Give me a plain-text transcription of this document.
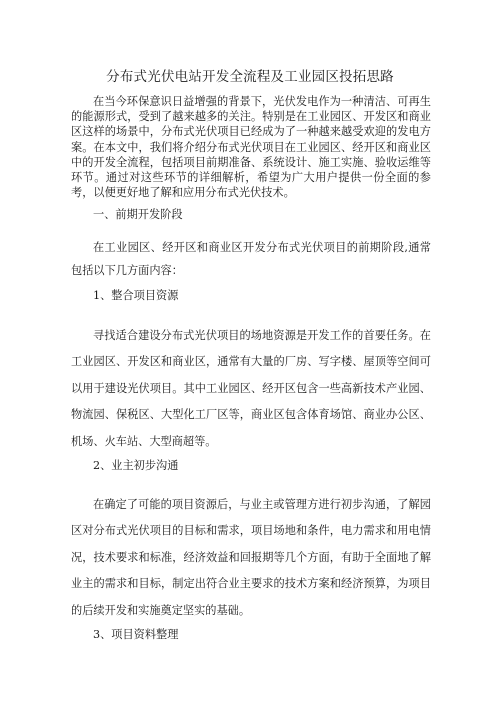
分布式光伏电站开发全流程及工业园区投拓思路

在当今环保意识日益增强的背景下，光伏发电作为一种清洁、可再生的能源形式，受到了越来越多的关注。特别是在工业园区、开发区和商业区这样的场景中，分布式光伏项目已经成为了一种越来越受欢迎的发电方案。在本文中，我们将介绍分布式光伏项目在工业园区、经开区和商业区中的开发全流程，包括项目前期准备、系统设计、施工实施、验收运维等环节。通过对这些环节的详细解析，希望为广大用户提供一份全面的参考，以便更好地了解和应用分布式光伏技术。

一、前期开发阶段

在工业园区、经开区和商业区开发分布式光伏项目的前期阶段,通常包括以下几方面内容：

1、整合项目资源

寻找适合建设分布式光伏项目的场地资源是开发工作的首要任务。在工业园区、开发区和商业区，通常有大量的厂房、写字楼、屋顶等空间可以用于建设光伏项目。其中工业园区、经开区包含一些高新技术产业园、物流园、保税区、大型化工厂区等，商业区包含体育场馆、商业办公区、机场、火车站、大型商超等。

2、业主初步沟通

在确定了可能的项目资源后，与业主或管理方进行初步沟通，了解园区对分布式光伏项目的目标和需求，项目场地和条件，电力需求和用电情况，技术要求和标准，经济效益和回报期等几个方面，有助于全面地了解业主的需求和目标，制定出符合业主要求的技术方案和经济预算，为项目的后续开发和实施奠定坚实的基础。

3、项目资料整理
